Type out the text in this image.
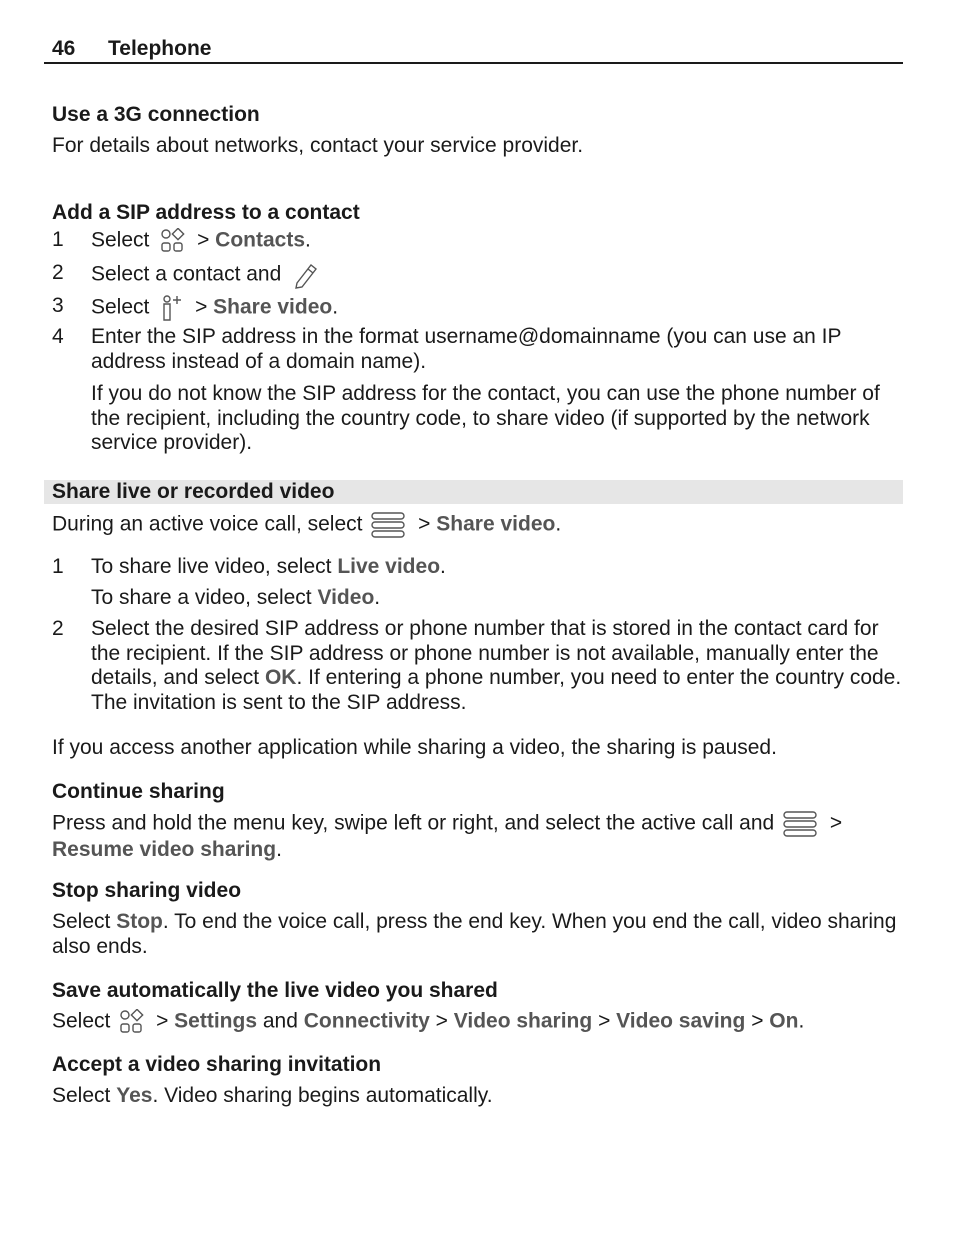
46 Telephone
Use a 3G connection
For details about networks, contact your service provider.
Add a SIP address to a contact
1 Select > Contacts.
2 Select a contact and
3 Select > Share video.
4 Enter the SIP address in the format username@domainname (you can use an IP address instead of a domain name).
If you do not know the SIP address for the contact, you can use the phone number of the recipient, including the country code, to share video (if supported by the network service provider).
Share live or recorded video
During an active voice call, select	> Share video.
1 To share live video, select Live video.
To share a video, select Video.
2 Select the desired SIP address or phone number that is stored in the contact card for the recipient. If the SIP address or phone number is not available, manually enter the details, and select OK. If entering a phone number, you need to enter the country code. The invitation is sent to the SIP address.
If you access another application while sharing a video, the sharing is paused.
Continue sharing
Press and hold the menu key, swipe left or right, and select the active call and	> Resume video sharing.
Stop sharing video
Select Stop. To end the voice call, press the end key. When you end the call, video sharing also ends.
Save automatically the live video you shared
Select > Settings and Connectivity > Video sharing > Video saving > On.
Accept a video sharing invitation
Select Yes. Video sharing begins automatically.
